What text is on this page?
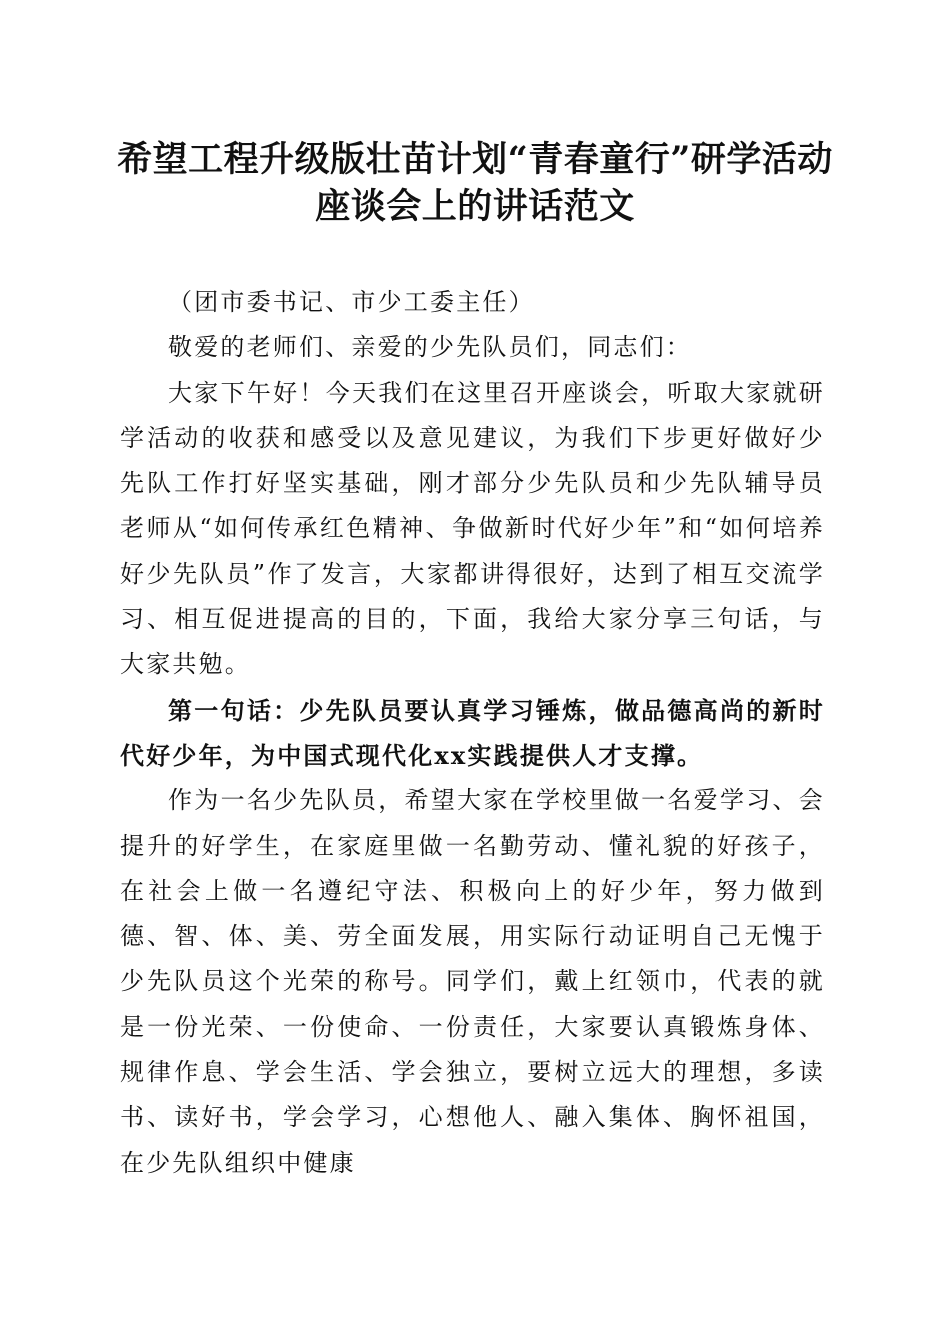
希望工程升级版壮苗计划“青春童行”研学活动座谈会上的讲话范文

（团市委书记、市少工委主任）

敬爱的老师们、亲爱的少先队员们，同志们：

大家下午好！今天我们在这里召开座谈会，听取大家就研学活动的收获和感受以及意见建议，为我们下步更好做好少先队工作打好坚实基础，刚才部分少先队员和少先队辅导员老师从“如何传承红色精神、争做新时代好少年”和“如何培养好少先队员”作了发言，大家都讲得很好，达到了相互交流学习、相互促进提高的目的，下面，我给大家分享三句话，与大家共勉。

第一句话：少先队员要认真学习锤炼，做品德高尚的新时代好少年，为中国式现代化xx实践提供人才支撑。

作为一名少先队员，希望大家在学校里做一名爱学习、会提升的好学生，在家庭里做一名勤劳动、懂礼貌的好孩子，在社会上做一名遵纪守法、积极向上的好少年，努力做到德、智、体、美、劳全面发展，用实际行动证明自己无愧于少先队员这个光荣的称号。同学们，戴上红领巾，代表的就是一份光荣、一份使命、一份责任，大家要认真锻炼身体、规律作息、学会生活、学会独立，要树立远大的理想，多读书、读好书，学会学习，心想他人、融入集体、胸怀祖国，在少先队组织中健康
